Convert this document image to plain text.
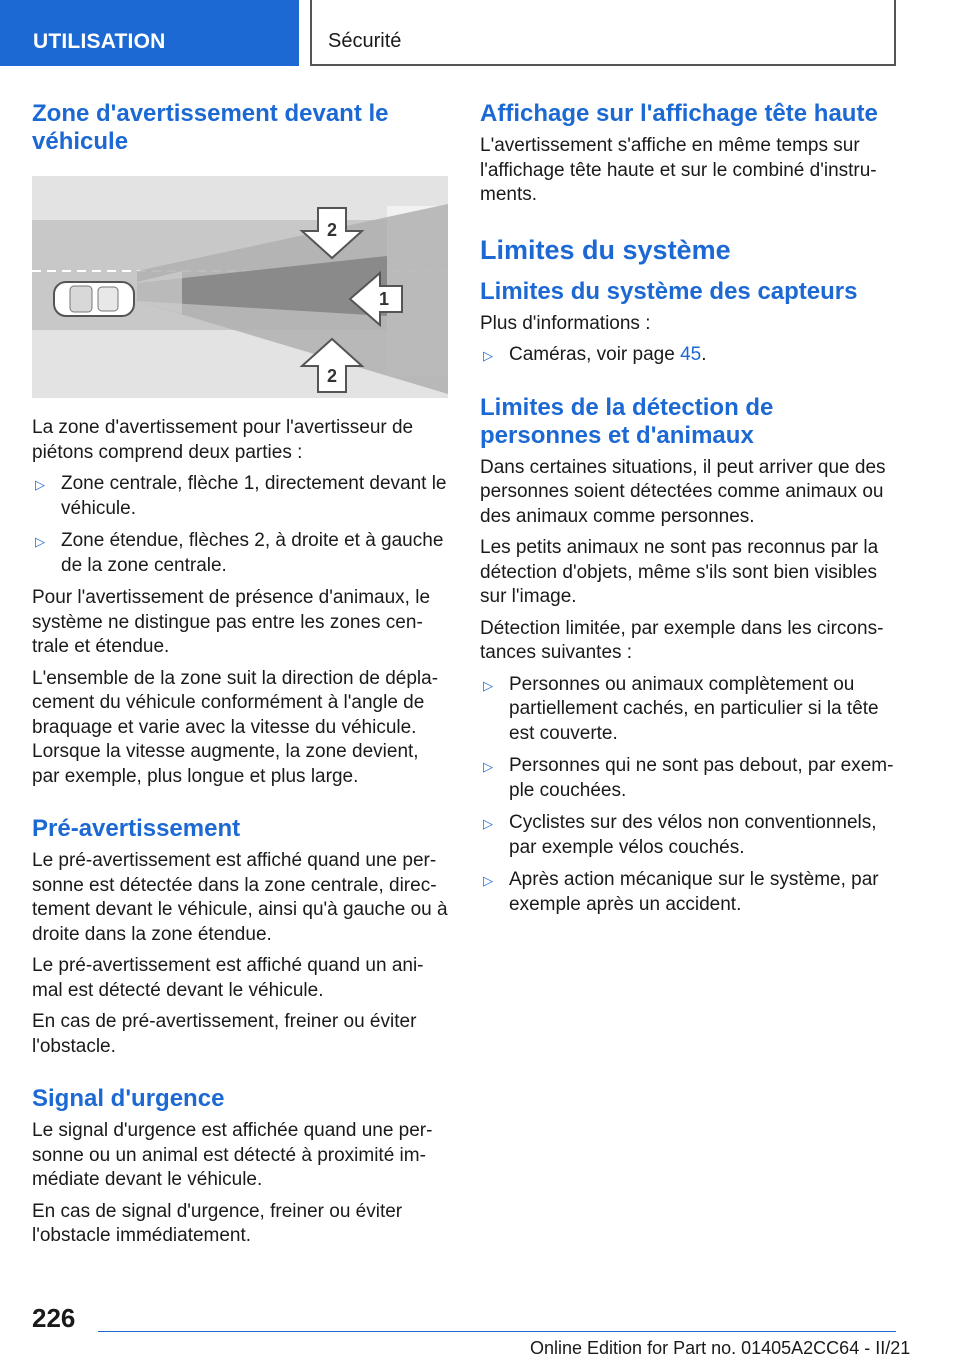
UTILISATION	Sécurité
Zone d'avertissement devant le véhicule
1
2
2

La zone d'avertissement pour l'avertisseur de piétons comprend deux parties :

▷ Zone centrale, flèche 1, directement devant le véhicule.
▷ Zone étendue, flèches 2, à droite et à gauche de la zone centrale.

Pour l'avertissement de présence d'animaux, le système ne distingue pas entre les zones cen-trale et étendue.

L'ensemble de la zone suit la direction de dépla-cement du véhicule conformément à l'angle de braquage et varie avec la vitesse du véhicule. Lorsque la vitesse augmente, la zone devient, par exemple, plus longue et plus large.

Pré-avertissement

Le pré-avertissement est affiché quand une per-sonne est détectée dans la zone centrale, direc-tement devant le véhicule, ainsi qu'à gauche ou à droite dans la zone étendue.

Le pré-avertissement est affiché quand un ani-mal est détecté devant le véhicule.

En cas de pré-avertissement, freiner ou éviter l'obstacle.

Signal d'urgence

Le signal d'urgence est affichée quand une per-sonne ou un animal est détecté à proximité im-médiate devant le véhicule.

En cas de signal d'urgence, freiner ou éviter l'obstacle immédiatement.

Affichage sur l'affichage tête haute

L'avertissement s'affiche en même temps sur l'affichage tête haute et sur le combiné d'instru-ments.

Limites du système
Limites du système des capteurs

Plus d'informations :

▷ Caméras, voir page 45.
Limites de la détection de personnes et d'animaux

Dans certaines situations, il peut arriver que des personnes soient détectées comme animaux ou des animaux comme personnes.

Les petits animaux ne sont pas reconnus par la détection d'objets, même s'ils sont bien visibles sur l'image.

Détection limitée, par exemple dans les circons-tances suivantes :

▷ Personnes ou animaux complètement ou partiellement cachés, en particulier si la tête est couverte.
▷ Personnes qui ne sont pas debout, par exem-ple couchées.
▷ Cyclistes sur des vélos non conventionnels, par exemple vélos couchés.
▷ Après action mécanique sur le système, par exemple après un accident.
226
Online Edition for Part no. 01405A2CC64 - II/21
